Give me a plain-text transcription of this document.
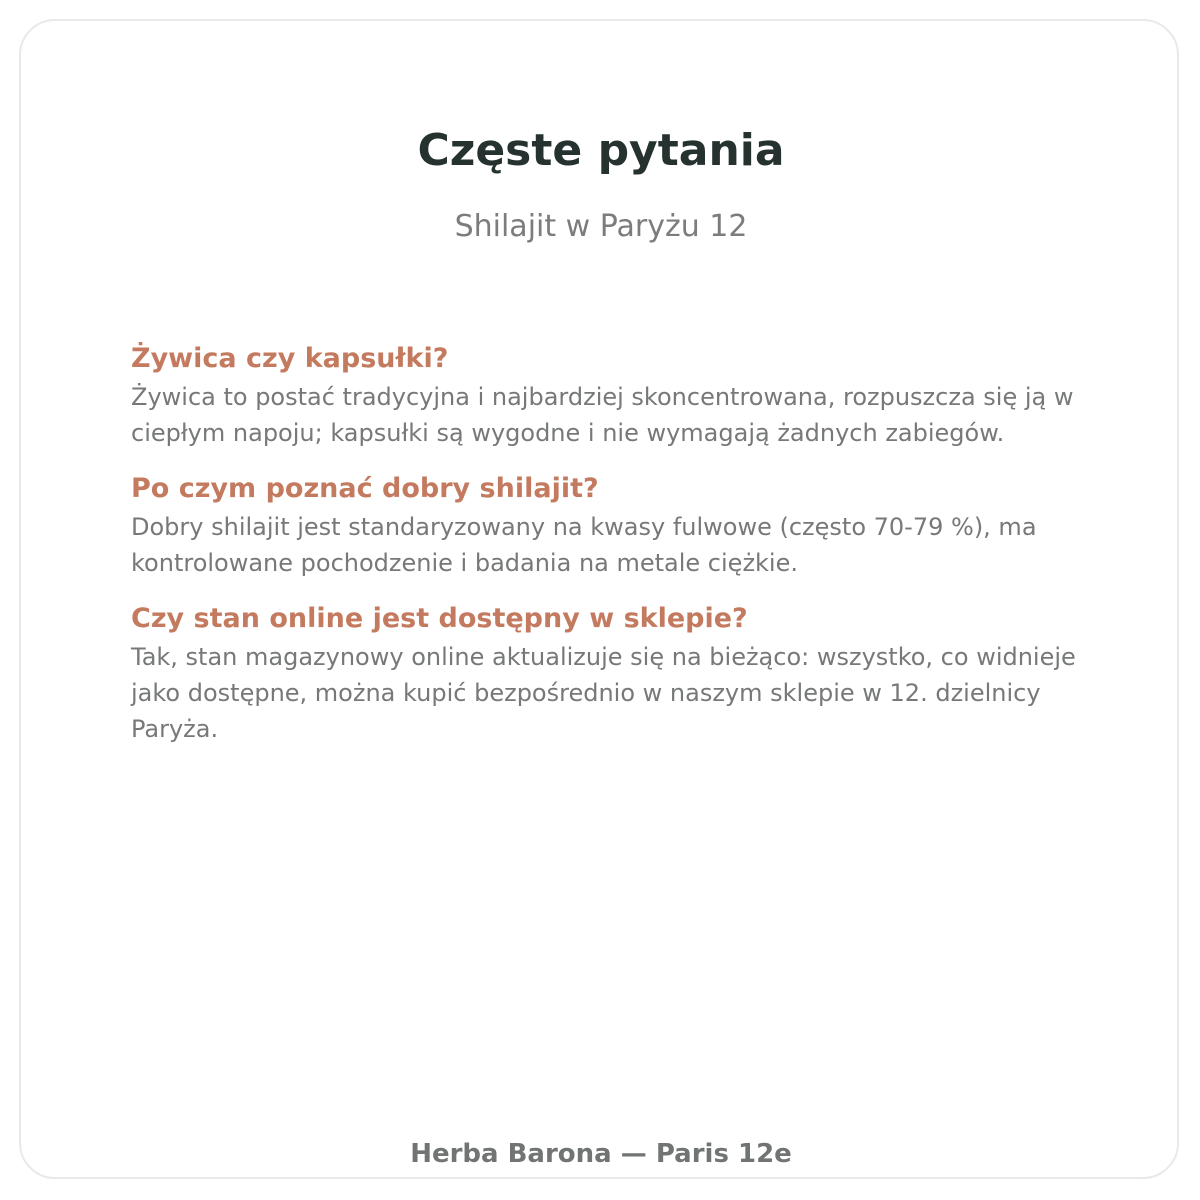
Częste pytania

Shilajit w Paryżu 12

Żywica czy kapsułki?

Żywica to postać tradycyjna i najbardziej skoncentrowana, rozpuszcza się ją w ciepłym napoju; kapsułki są wygodne i nie wymagają żadnych zabiegów.

Po czym poznać dobry shilajit?

Dobry shilajit jest standaryzowany na kwasy fulwowe (często 70-79 %), ma kontrolowane pochodzenie i badania na metale ciężkie.

Czy stan online jest dostępny w sklepie?

Tak, stan magazynowy online aktualizuje się na bieżąco: wszystko, co widnieje jako dostępne, można kupić bezpośrednio w naszym sklepie w 12. dzielnicy Paryża.

Herba Barona — Paris 12e
